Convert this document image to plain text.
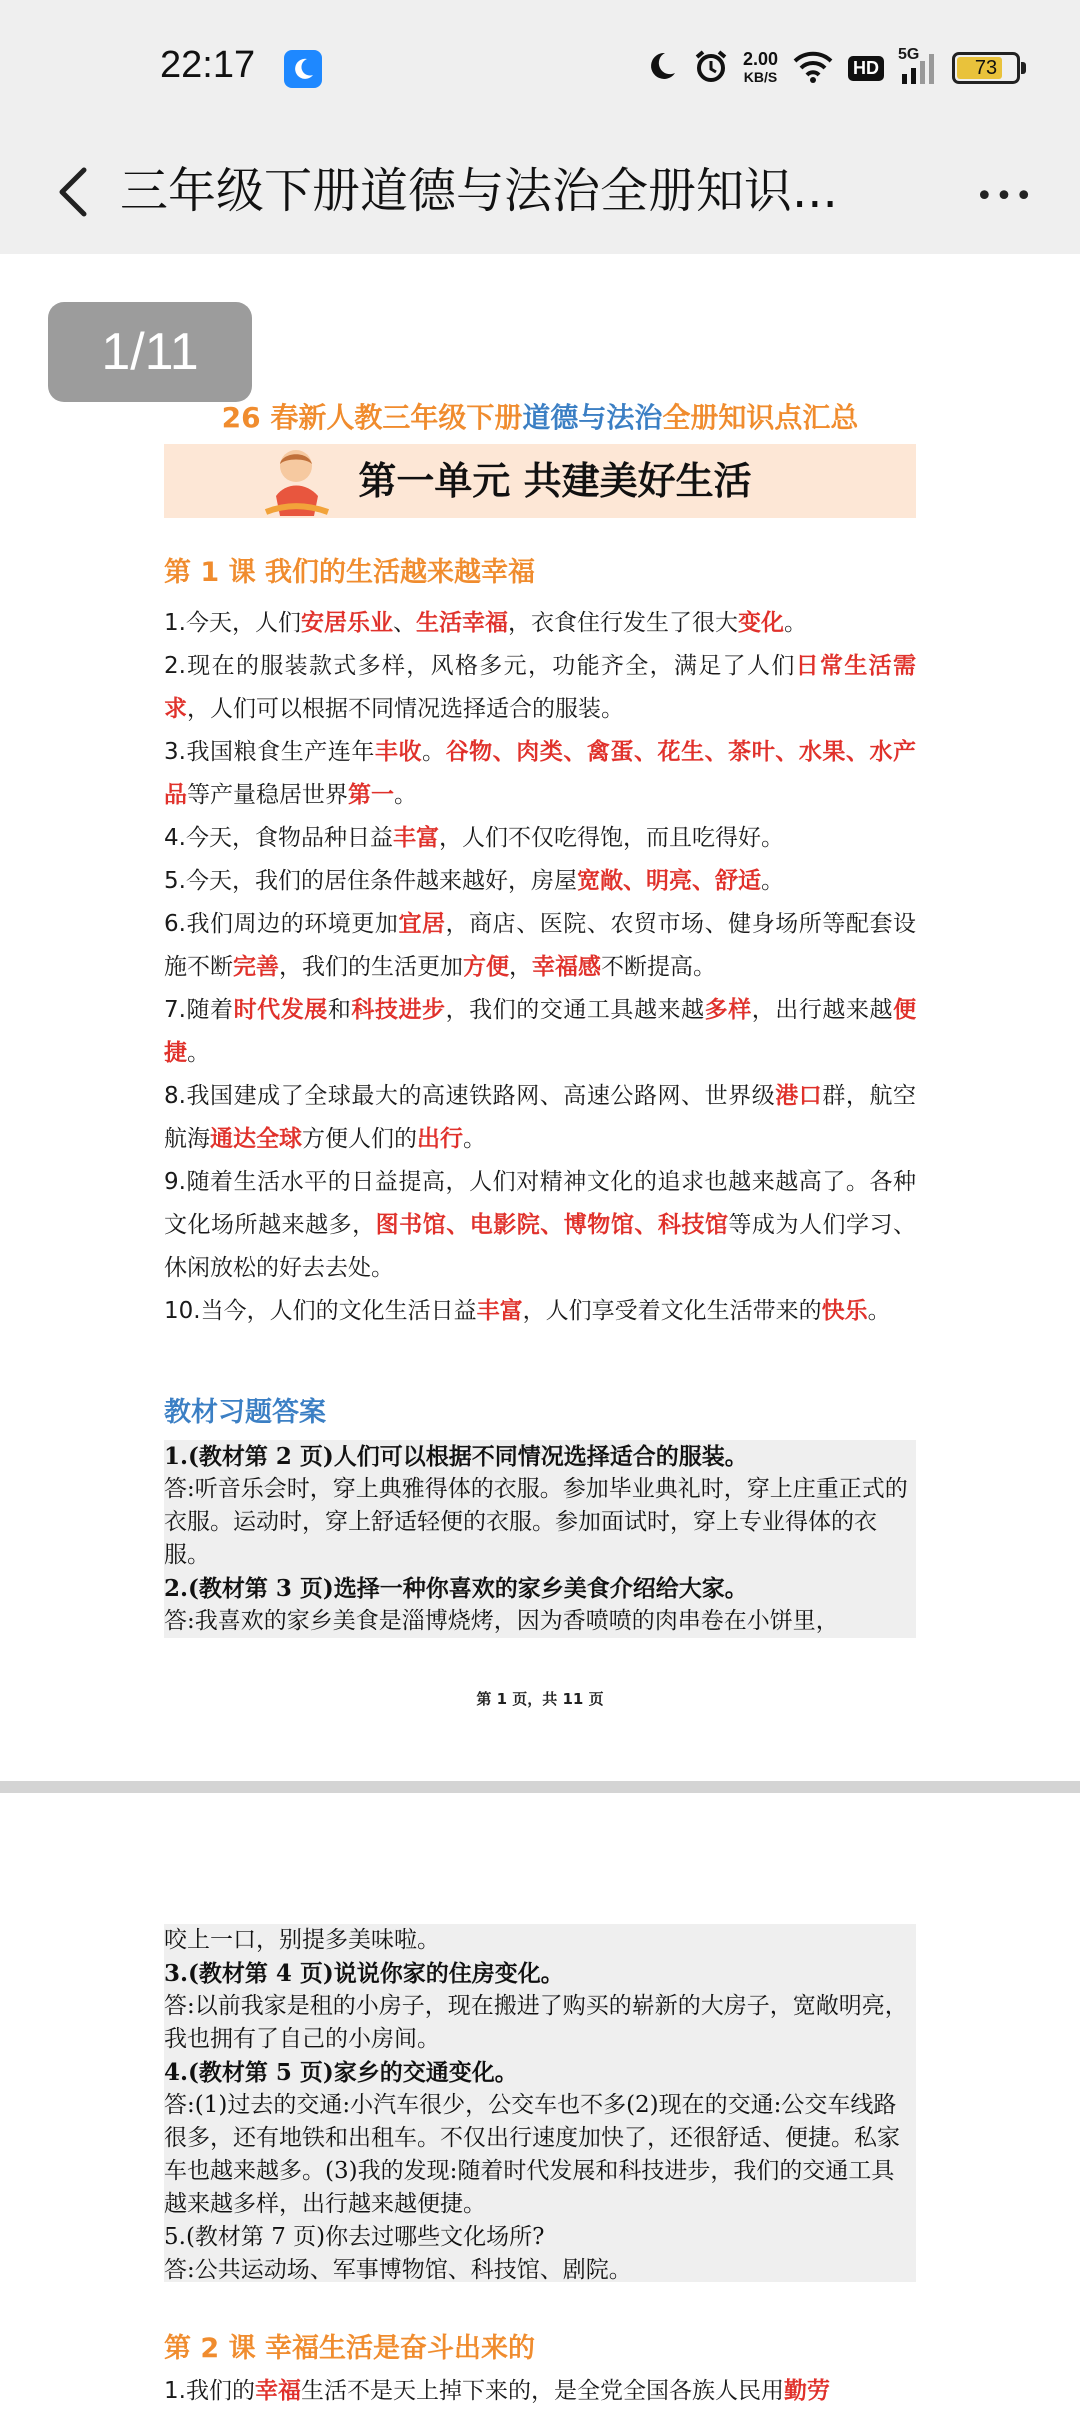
22:17	2.00
KB/S	HD
5G
73
三年级下册道德与法治全册知识...	•••
1/11
26 春新人教三年级下册道德与法治全册知识点汇总
第一单元 共建美好生活
第 1 课 我们的生活越来越幸福
1.今天，人们安居乐业、生活幸福，衣食住行发生了很大变化。
2.现在的服装款式多样，风格多元，功能齐全，满足了人们日常生活需求，人们可以根据不同情况选择适合的服装。
3.我国粮食生产连年丰收。谷物、肉类、禽蛋、花生、茶叶、水果、水产品等产量稳居世界第一。
4.今天，食物品种日益丰富，人们不仅吃得饱，而且吃得好。
5.今天，我们的居住条件越来越好，房屋宽敞、明亮、舒适。
6.我们周边的环境更加宜居，商店、医院、农贸市场、健身场所等配套设施不断完善，我们的生活更加方便，幸福感不断提高。
7.随着时代发展和科技进步，我们的交通工具越来越多样，出行越来越便捷。
8.我国建成了全球最大的高速铁路网、高速公路网、世界级港口群，航空航海通达全球方便人们的出行。
9.随着生活水平的日益提高，人们对精神文化的追求也越来越高了。各种文化场所越来越多，图书馆、电影院、博物馆、科技馆等成为人们学习、休闲放松的好去去处。
10.当今，人们的文化生活日益丰富，人们享受着文化生活带来的快乐。
教材习题答案
1.(教材第 2 页)人们可以根据不同情况选择适合的服装。
答:听音乐会时，穿上典雅得体的衣服。参加毕业典礼时，穿上庄重正式的衣服。运动时，穿上舒适轻便的衣服。参加面试时，穿上专业得体的衣服。
2.(教材第 3 页)选择一种你喜欢的家乡美食介绍给大家。
答:我喜欢的家乡美食是淄博烧烤，因为香喷喷的肉串卷在小饼里，
第 1 页，共 11 页
咬上一口，别提多美味啦。
3.(教材第 4 页)说说你家的住房变化。
答:以前我家是租的小房子，现在搬进了购买的崭新的大房子，宽敞明亮，我也拥有了自己的小房间。
4.(教材第 5 页)家乡的交通变化。
答:(1)过去的交通:小汽车很少，公交车也不多(2)现在的交通:公交车线路很多，还有地铁和出租车。不仅出行速度加快了，还很舒适、便捷。私家车也越来越多。(3)我的发现:随着时代发展和科技进步，我们的交通工具越来越多样，出行越来越便捷。
5.(教材第 7 页)你去过哪些文化场所?
答:公共运动场、军事博物馆、科技馆、剧院。
第 2 课 幸福生活是奋斗出来的
1.我们的幸福生活不是天上掉下来的，是全党全国各族人民用勤劳
